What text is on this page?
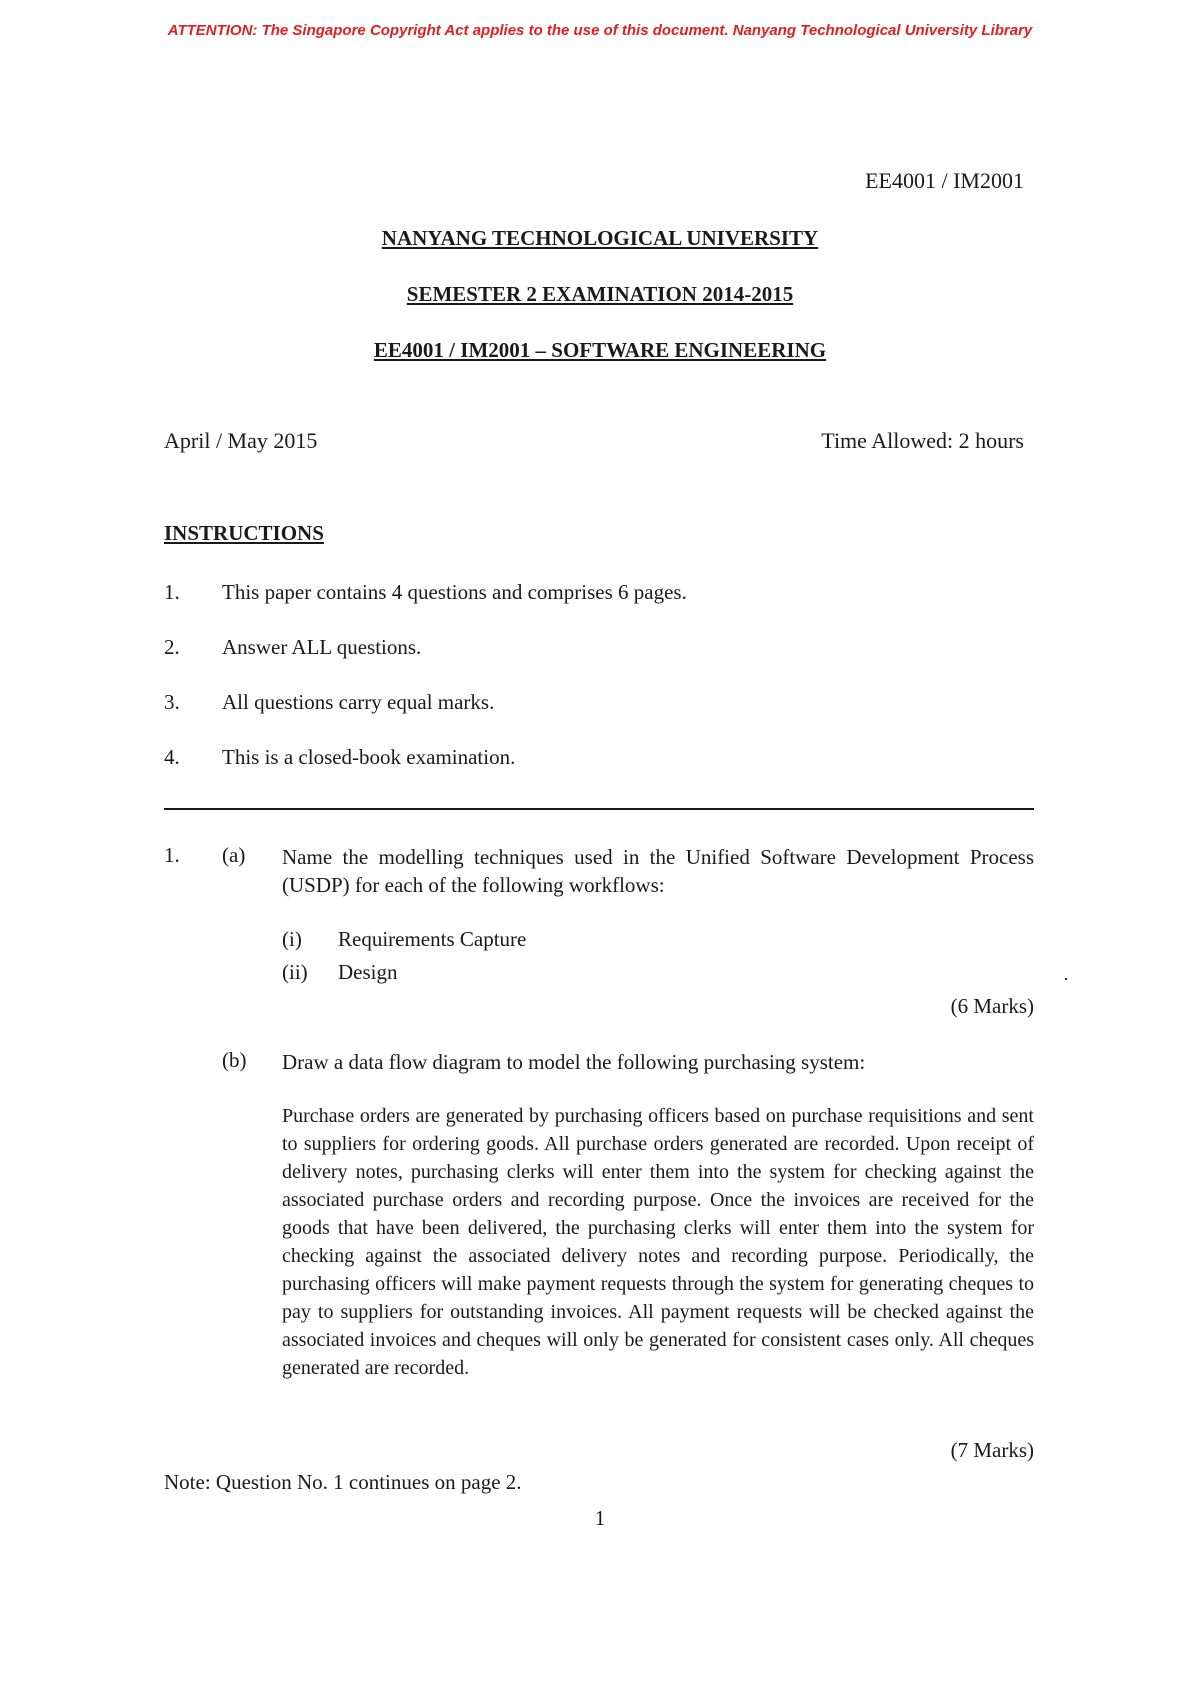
ATTENTION: The Singapore Copyright Act applies to the use of this document. Nanyang Technological University Library
EE4001 / IM2001
NANYANG TECHNOLOGICAL UNIVERSITY
SEMESTER 2 EXAMINATION 2014-2015
EE4001 / IM2001 – SOFTWARE ENGINEERING
April / May 2015	Time Allowed: 2 hours
INSTRUCTIONS
1. This paper contains 4 questions and comprises 6 pages.
2. Answer ALL questions.
3. All questions carry equal marks.
4. This is a closed-book examination.
1. (a) Name the modelling techniques used in the Unified Software Development Process (USDP) for each of the following workflows:
(i) Requirements Capture
(ii) Design
(6 Marks)
(b) Draw a data flow diagram to model the following purchasing system:
Purchase orders are generated by purchasing officers based on purchase requisitions and sent to suppliers for ordering goods. All purchase orders generated are recorded. Upon receipt of delivery notes, purchasing clerks will enter them into the system for checking against the associated purchase orders and recording purpose. Once the invoices are received for the goods that have been delivered, the purchasing clerks will enter them into the system for checking against the associated delivery notes and recording purpose. Periodically, the purchasing officers will make payment requests through the system for generating cheques to pay to suppliers for outstanding invoices. All payment requests will be checked against the associated invoices and cheques will only be generated for consistent cases only. All cheques generated are recorded.
(7 Marks)
Note: Question No. 1 continues on page 2.
1
